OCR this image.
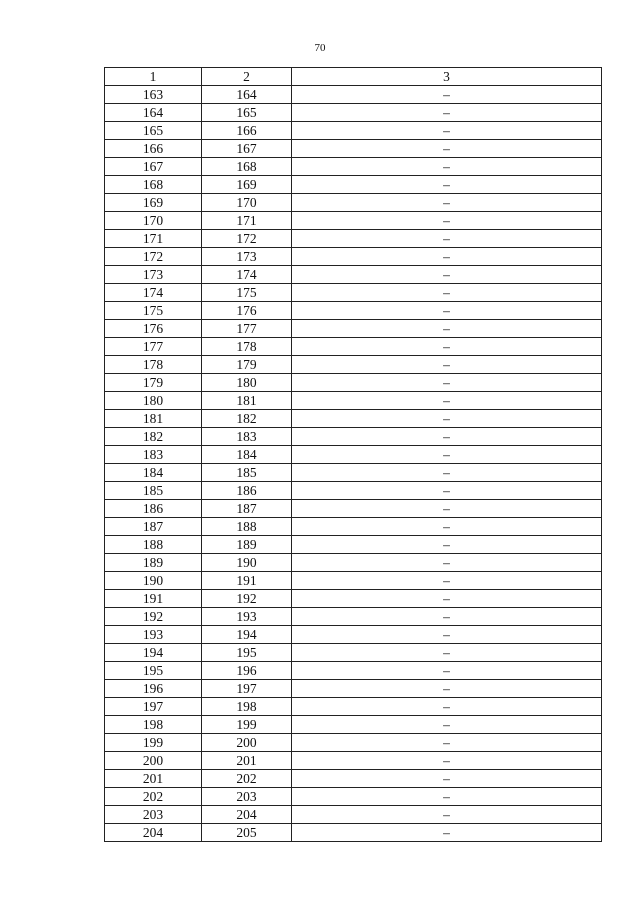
70
1	2	3
163	164	–
164	165	–
165	166	–
166	167	–
167	168	–
168	169	–
169	170	–
170	171	–
171	172	–
172	173	–
173	174	–
174	175	–
175	176	–
176	177	–
177	178	–
178	179	–
179	180	–
180	181	–
181	182	–
182	183	–
183	184	–
184	185	–
185	186	–
186	187	–
187	188	–
188	189	–
189	190	–
190	191	–
191	192	–
192	193	–
193	194	–
194	195	–
195	196	–
196	197	–
197	198	–
198	199	–
199	200	–
200	201	–
201	202	–
202	203	–
203	204	–
204	205	–
